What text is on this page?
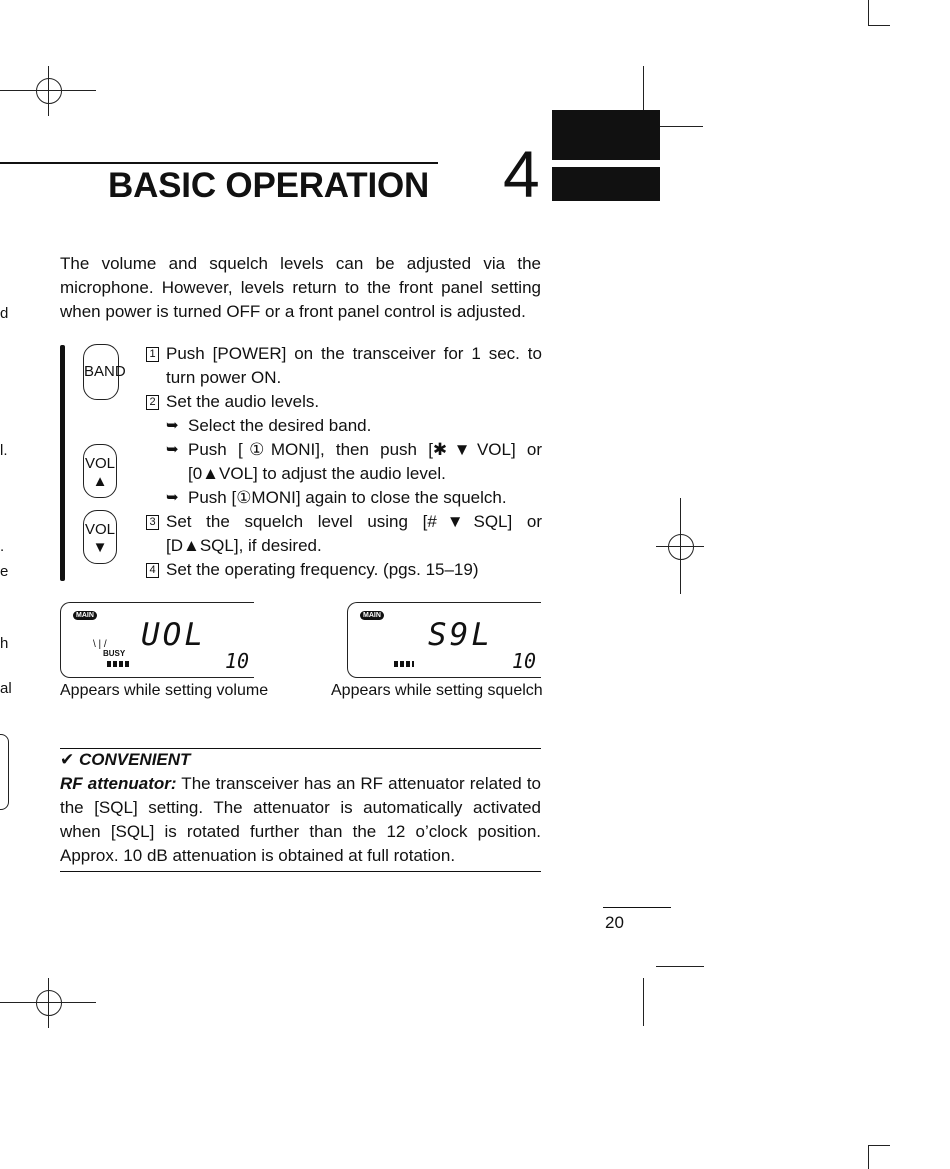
BASIC OPERATION 4
d
l.
.
e
h
al

The volume and squelch levels can be adjusted via the microphone. However, levels return to the front panel setting when power is turned OFF or a front panel control is adjusted.

BAND
VOL
▲
VOL
▼
1 Push [POWER] on the transceiver for 1 sec. to turn power ON.
2 Set the audio levels.
➥ Select the desired band.
➥ Push [①MONI], then push [✱▼VOL] or [0▲VOL] to adjust the audio level.
➥ Push [①MONI] again to close the squelch.
3 Set the squelch level using [#▼SQL] or [D▲SQL], if desired.
4 Set the operating frequency. (pgs. 15–19)
MAIN
UOL
BUSY
\ | /
10
Appears while setting volume
MAIN
S9L
10
Appears while setting squelch
✔ CONVENIENT

RF attenuator: The transceiver has an RF attenuator related to the [SQL] setting. The attenuator is automatically activated when [SQL] is rotated further than the 12 o’clock position. Approx. 10 dB attenuation is obtained at full rotation.

20
